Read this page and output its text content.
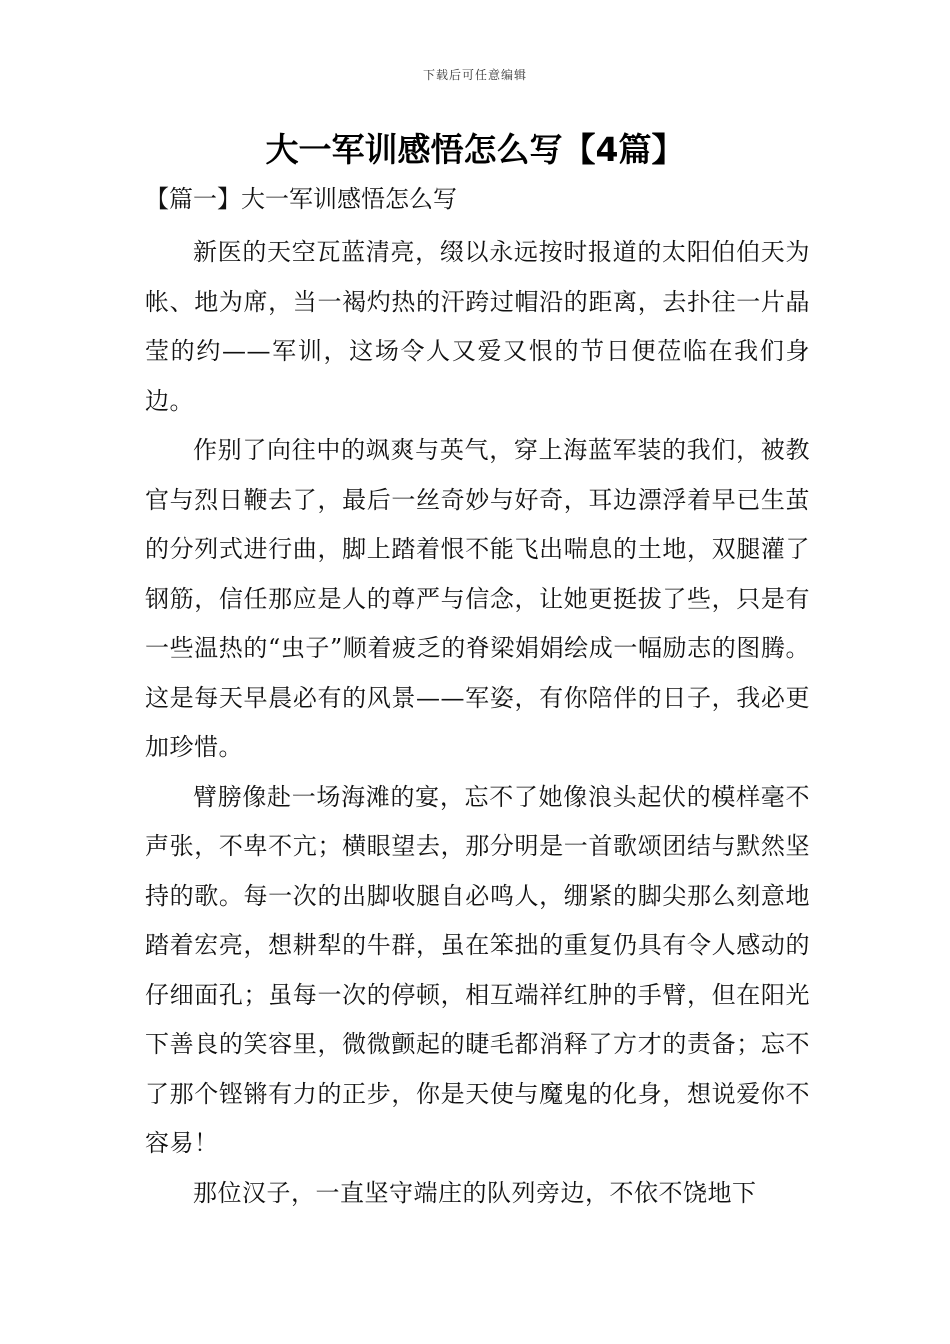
下载后可任意编辑
大一军训感悟怎么写【4篇】
【篇一】大一军训感悟怎么写

新医的天空瓦蓝清亮，缀以永远按时报道的太阳伯伯天为帐、地为席，当一褐灼热的汗跨过帽沿的距离，去扑往一片晶莹的约——军训，这场令人又爱又恨的节日便莅临在我们身边。

作别了向往中的飒爽与英气，穿上海蓝军装的我们，被教官与烈日鞭去了，最后一丝奇妙与好奇，耳边漂浮着早已生茧的分列式进行曲，脚上踏着恨不能飞出喘息的土地，双腿灌了钢筋，信任那应是人的尊严与信念，让她更挺拔了些，只是有一些温热的“虫子”顺着疲乏的脊梁娟娟绘成一幅励志的图腾。这是每天早晨必有的风景——军姿，有你陪伴的日子，我必更加珍惜。

臂膀像赴一场海滩的宴，忘不了她像浪头起伏的模样毫不声张，不卑不亢；横眼望去，那分明是一首歌颂团结与默然坚持的歌。每一次的出脚收腿自必鸣人，绷紧的脚尖那么刻意地踏着宏亮，想耕犁的牛群，虽在笨拙的重复仍具有令人感动的仔细面孔；虽每一次的停顿，相互端祥红肿的手臂，但在阳光下善良的笑容里，微微颤起的睫毛都消释了方才的责备；忘不了那个铿锵有力的正步，你是天使与魔鬼的化身，想说爱你不容易！

那位汉子，一直坚守端庄的队列旁边，不依不饶地下
